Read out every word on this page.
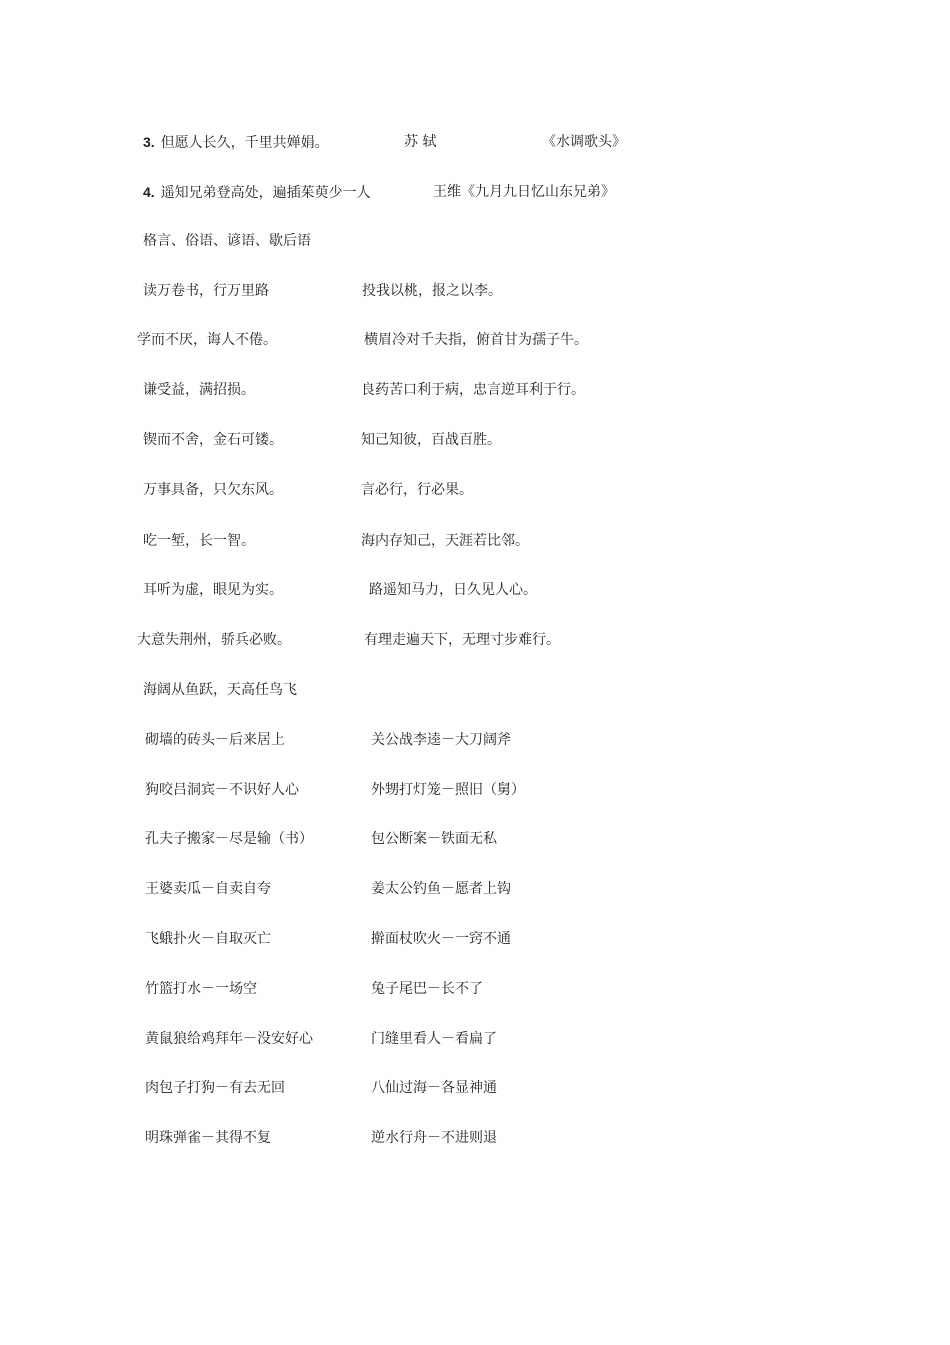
3. 但愿人长久，千里共婵娟。	苏 轼	《水调歌头》
4. 遥知兄弟登高处，遍插茱萸少一人	王维《九月九日忆山东兄弟》
格言、俗语、谚语、歇后语
读万卷书，行万里路	投我以桃，报之以李。
学而不厌，诲人不倦。	横眉冷对千夫指，俯首甘为孺子牛。
谦受益，满招损。	良药苦口利于病，忠言逆耳利于行。
锲而不舍，金石可镂。	知己知彼，百战百胜。
万事具备，只欠东风。	言必行，行必果。
吃一堑，长一智。	海内存知己，天涯若比邻。
耳听为虚，眼见为实。	路遥知马力，日久见人心。
大意失荆州，骄兵必败。	有理走遍天下，无理寸步难行。
海阔从鱼跃，天高任鸟飞
砌墙的砖头－后来居上	关公战李逵－大刀阔斧
狗咬吕洞宾－不识好人心	外甥打灯笼－照旧（舅）
孔夫子搬家－尽是输（书）	包公断案－铁面无私
王婆卖瓜－自卖自夸	姜太公钓鱼－愿者上钩
飞蛾扑火－自取灭亡	擀面杖吹火－一窍不通
竹篮打水－一场空	兔子尾巴－长不了
黄鼠狼给鸡拜年－没安好心	门缝里看人－看扁了
肉包子打狗－有去无回	八仙过海－各显神通
明珠弹雀－其得不复	逆水行舟－不进则退
